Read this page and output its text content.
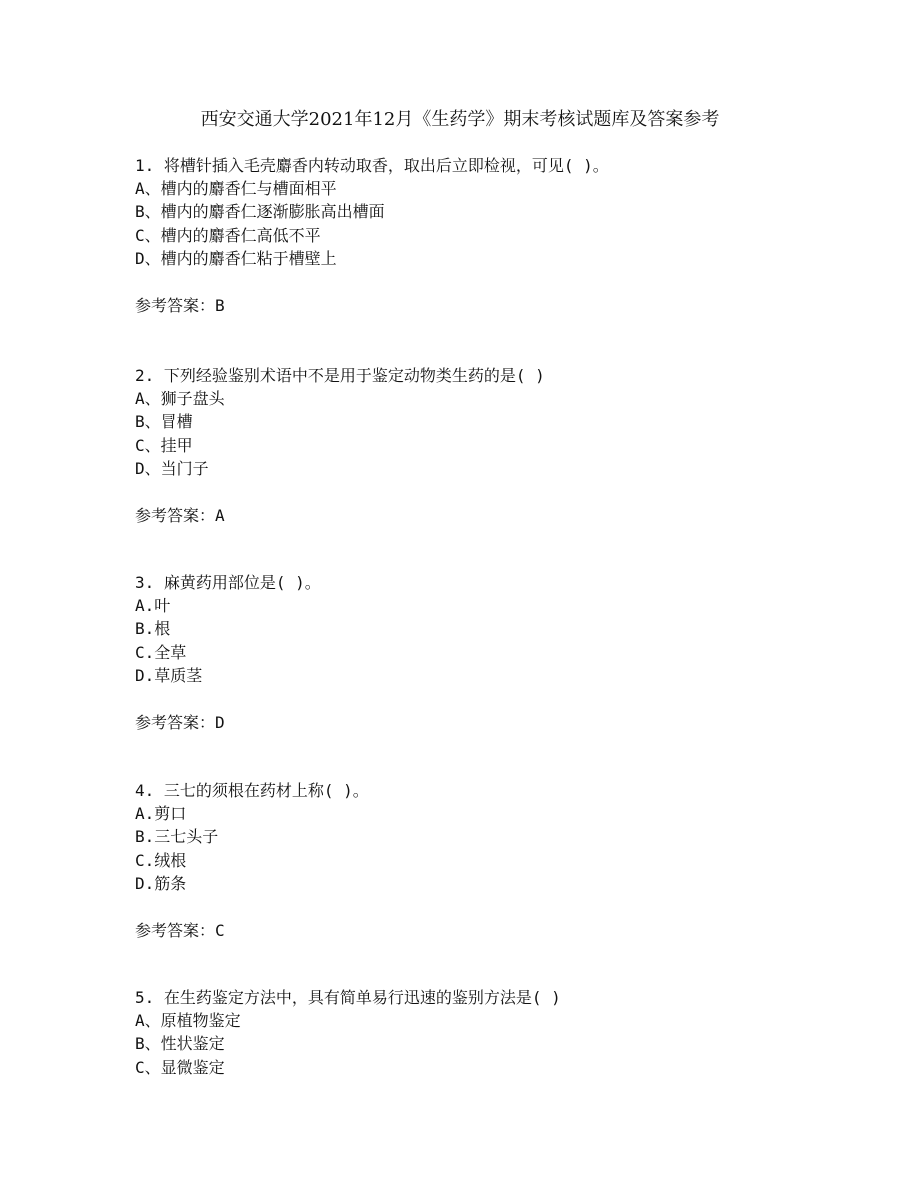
西安交通大学2021年12月《生药学》期末考核试题库及答案参考
1. 将槽针插入毛壳麝香内转动取香，取出后立即检视，可见( )。
A、槽内的麝香仁与槽面相平
B、槽内的麝香仁逐渐膨胀高出槽面
C、槽内的麝香仁高低不平
D、槽内的麝香仁粘于槽壁上
参考答案：B
2. 下列经验鉴别术语中不是用于鉴定动物类生药的是( )
A、狮子盘头
B、冒槽
C、挂甲
D、当门子
参考答案：A
3. 麻黄药用部位是( )。
A.叶
B.根
C.全草
D.草质茎
参考答案：D
4. 三七的须根在药材上称( )。
A.剪口
B.三七头子
C.绒根
D.筋条
参考答案：C
5. 在生药鉴定方法中，具有简单易行迅速的鉴别方法是( )
A、原植物鉴定
B、性状鉴定
C、显微鉴定
